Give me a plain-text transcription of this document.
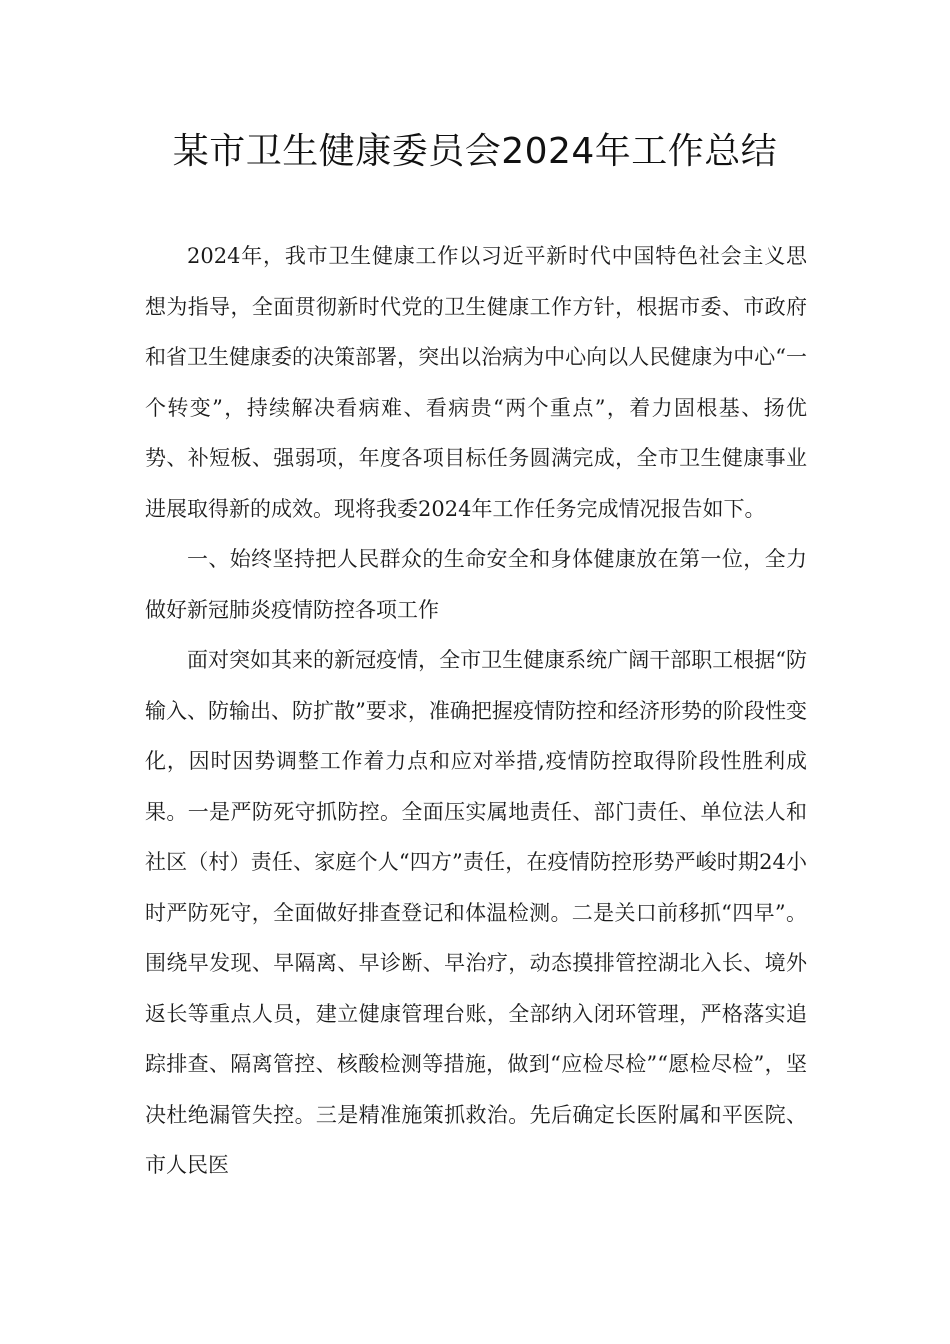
某市卫生健康委员会2024年工作总结

2024年，我市卫生健康工作以习近平新时代中国特色社会主义思想为指导，全面贯彻新时代党的卫生健康工作方针，根据市委、市政府和省卫生健康委的决策部署，突出以治病为中心向以人民健康为中心“一个转变”，持续解决看病难、看病贵“两个重点”，着力固根基、扬优势、补短板、强弱项，年度各项目标任务圆满完成，全市卫生健康事业进展取得新的成效。现将我委2024年工作任务完成情况报告如下。

一、始终坚持把人民群众的生命安全和身体健康放在第一位，全力做好新冠肺炎疫情防控各项工作

面对突如其来的新冠疫情，全市卫生健康系统广阔干部职工根据“防输入、防输出、防扩散”要求，准确把握疫情防控和经济形势的阶段性变化，因时因势调整工作着力点和应对举措,疫情防控取得阶段性胜利成果。一是严防死守抓防控。全面压实属地责任、部门责任、单位法人和社区（村）责任、家庭个人“四方”责任，在疫情防控形势严峻时期24小时严防死守，全面做好排查登记和体温检测。二是关口前移抓“四早”。围绕早发现、早隔离、早诊断、早治疗，动态摸排管控湖北入长、境外返长等重点人员，建立健康管理台账，全部纳入闭环管理，严格落实追踪排查、隔离管控、核酸检测等措施，做到“应检尽检”“愿检尽检”，坚决杜绝漏管失控。三是精准施策抓救治。先后确定长医附属和平医院、市人民医
